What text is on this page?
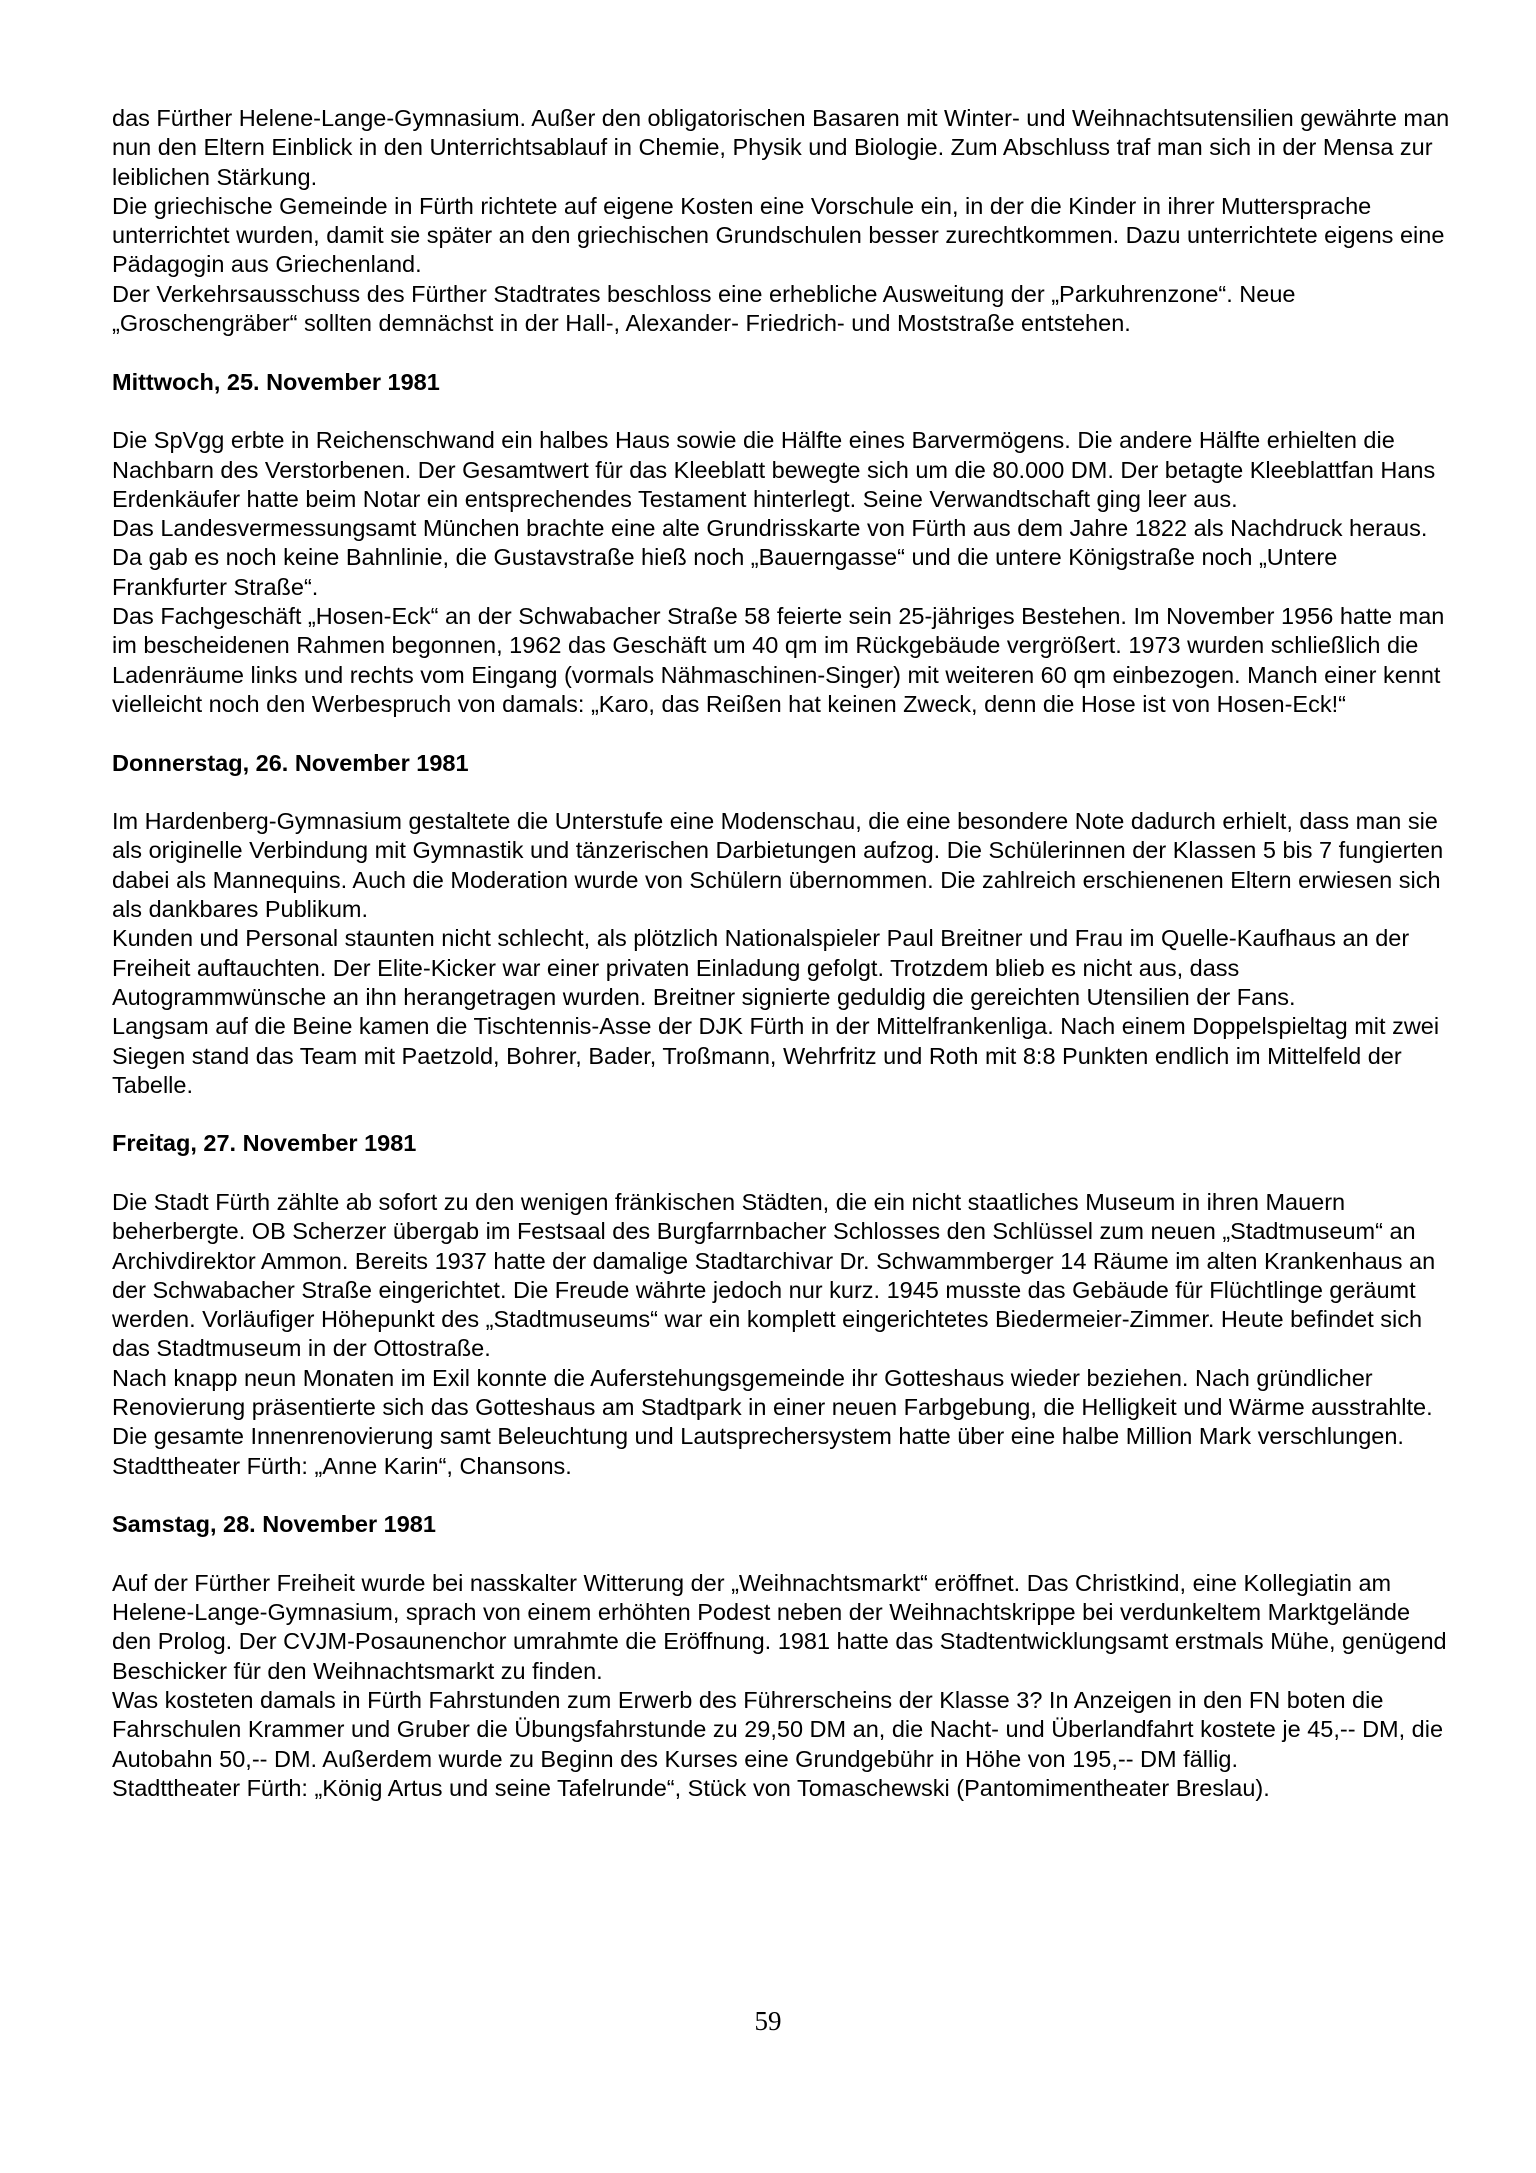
das Fürther Helene-Lange-Gymnasium. Außer den obligatorischen Basaren mit Winter- und Weihnachtsutensilien gewährte man nun den Eltern Einblick in den Unterrichtsablauf in Chemie, Physik und Biologie. Zum Abschluss traf man sich in der Mensa zur leiblichen Stärkung.

Die griechische Gemeinde in Fürth richtete auf eigene Kosten eine Vorschule ein, in der die Kinder in ihrer Muttersprache unterrichtet wurden, damit sie später an den griechischen Grundschulen besser zurechtkommen. Dazu unterrichtete eigens eine Pädagogin aus Griechenland.

Der Verkehrsausschuss des Fürther Stadtrates beschloss eine erhebliche Ausweitung der „Parkuhrenzone“. Neue „Groschengräber“ sollten demnächst in der Hall-, Alexander- Friedrich- und Moststraße entstehen.

Mittwoch, 25. November 1981

Die SpVgg erbte in Reichenschwand ein halbes Haus sowie die Hälfte eines Barvermögens. Die andere Hälfte erhielten die Nachbarn des Verstorbenen. Der Gesamtwert für das Kleeblatt bewegte sich um die 80.000 DM. Der betagte Kleeblattfan Hans Erdenkäufer hatte beim Notar ein entsprechendes Testament hinterlegt. Seine Verwandtschaft ging leer aus.

Das Landesvermessungsamt München brachte eine alte Grundrisskarte von Fürth aus dem Jahre 1822 als Nachdruck heraus. Da gab es noch keine Bahnlinie, die Gustavstraße hieß noch „Bauerngasse“ und die untere Königstraße noch „Untere Frankfurter Straße“.

Das Fachgeschäft „Hosen-Eck“ an der Schwabacher Straße 58 feierte sein 25-jähriges Bestehen. Im November 1956 hatte man im bescheidenen Rahmen begonnen, 1962 das Geschäft um 40 qm im Rückgebäude vergrößert. 1973 wurden schließlich die Ladenräume links und rechts vom Eingang (vormals Nähmaschinen-Singer) mit weiteren 60 qm einbezogen. Manch einer kennt vielleicht noch den Werbespruch von damals: „Karo, das Reißen hat keinen Zweck, denn die Hose ist von Hosen-Eck!“

Donnerstag, 26. November 1981

Im Hardenberg-Gymnasium gestaltete die Unterstufe eine Modenschau, die eine besondere Note dadurch erhielt, dass man sie als originelle Verbindung mit Gymnastik und tänzerischen Darbietungen aufzog. Die Schülerinnen der Klassen 5 bis 7 fungierten dabei als Mannequins. Auch die Moderation wurde von Schülern übernommen. Die zahlreich erschienenen Eltern erwiesen sich als dankbares Publikum.

Kunden und Personal staunten nicht schlecht, als plötzlich Nationalspieler Paul Breitner und Frau im Quelle-Kaufhaus an der Freiheit auftauchten. Der Elite-Kicker war einer privaten Einladung gefolgt. Trotzdem blieb es nicht aus, dass Autogrammwünsche an ihn herangetragen wurden. Breitner signierte geduldig die gereichten Utensilien der Fans.

Langsam auf die Beine kamen die Tischtennis-Asse der DJK Fürth in der Mittelfrankenliga. Nach einem Doppelspieltag mit zwei Siegen stand das Team mit Paetzold, Bohrer, Bader, Troßmann, Wehrfritz und Roth mit 8:8 Punkten endlich im Mittelfeld der Tabelle.

Freitag, 27. November 1981

Die Stadt Fürth zählte ab sofort zu den wenigen fränkischen Städten, die ein nicht staatliches Museum in ihren Mauern beherbergte. OB Scherzer übergab im Festsaal des Burgfarrnbacher Schlosses den Schlüssel zum neuen „Stadtmuseum“ an Archivdirektor Ammon. Bereits 1937 hatte der damalige Stadtarchivar Dr. Schwammberger 14 Räume im alten Krankenhaus an der Schwabacher Straße eingerichtet. Die Freude währte jedoch nur kurz. 1945 musste das Gebäude für Flüchtlinge geräumt werden. Vorläufiger Höhepunkt des „Stadtmuseums“ war ein komplett eingerichtetes Biedermeier-Zimmer. Heute befindet sich das Stadtmuseum in der Ottostraße.

Nach knapp neun Monaten im Exil konnte die Auferstehungsgemeinde ihr Gotteshaus wieder beziehen. Nach gründlicher Renovierung präsentierte sich das Gotteshaus am Stadtpark in einer neuen Farbgebung, die Helligkeit und Wärme ausstrahlte. Die gesamte Innenrenovierung samt Beleuchtung und Lautsprechersystem hatte über eine halbe Million Mark verschlungen.

Stadttheater Fürth: „Anne Karin“, Chansons.

Samstag, 28. November 1981

Auf der Fürther Freiheit wurde bei nasskalter Witterung der „Weihnachtsmarkt“ eröffnet. Das Christkind, eine Kollegiatin am Helene-Lange-Gymnasium, sprach von einem erhöhten Podest neben der Weihnachtskrippe bei verdunkeltem Marktgelände den Prolog. Der CVJM-Posaunenchor umrahmte die Eröffnung. 1981 hatte das Stadtentwicklungsamt erstmals Mühe, genügend Beschicker für den Weihnachtsmarkt zu finden.

Was kosteten damals in Fürth Fahrstunden zum Erwerb des Führerscheins der Klasse 3? In Anzeigen in den FN boten die Fahrschulen Krammer und Gruber die Übungsfahrstunde zu 29,50 DM an, die Nacht- und Überlandfahrt kostete je 45,-- DM, die Autobahn 50,-- DM. Außerdem wurde zu Beginn des Kurses eine Grundgebühr in Höhe von 195,-- DM fällig.

Stadttheater Fürth: „König Artus und seine Tafelrunde“, Stück von Tomaschewski (Pantomimentheater Breslau).

59
